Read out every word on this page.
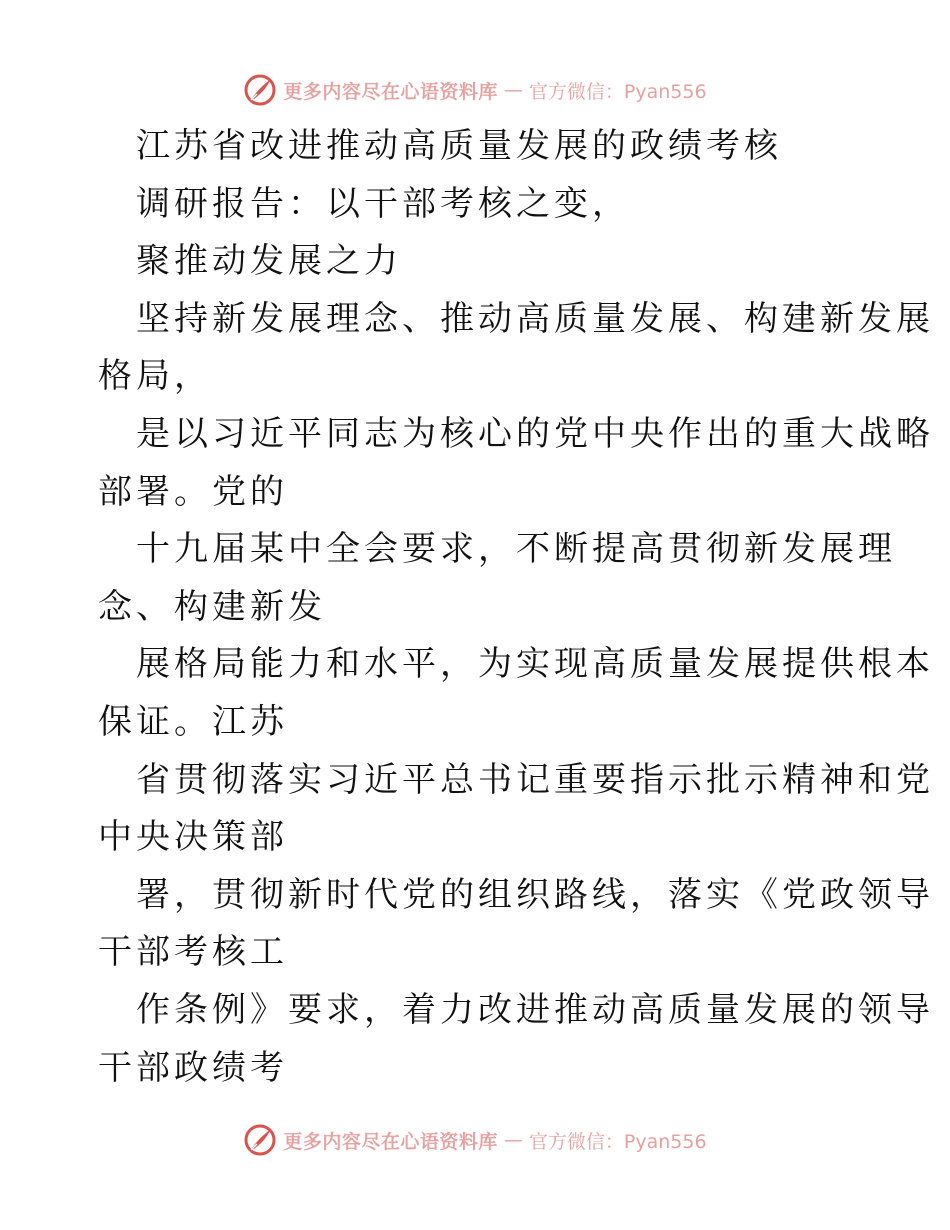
更多内容尽在心语资料库 — 官方微信：Pyan556
江苏省改进推动高质量发展的政绩考核
调研报告：以干部考核之变，
聚推动发展之力
坚持新发展理念、推动高质量发展、构建新发展
格局，
是以习近平同志为核心的党中央作出的重大战略
部署。党的
十九届某中全会要求，不断提高贯彻新发展理
念、构建新发
展格局能力和水平，为实现高质量发展提供根本
保证。江苏
省贯彻落实习近平总书记重要指示批示精神和党
中央决策部
署，贯彻新时代党的组织路线，落实《党政领导
干部考核工
作条例》要求，着力改进推动高质量发展的领导
干部政绩考
更多内容尽在心语资料库 — 官方微信：Pyan556
